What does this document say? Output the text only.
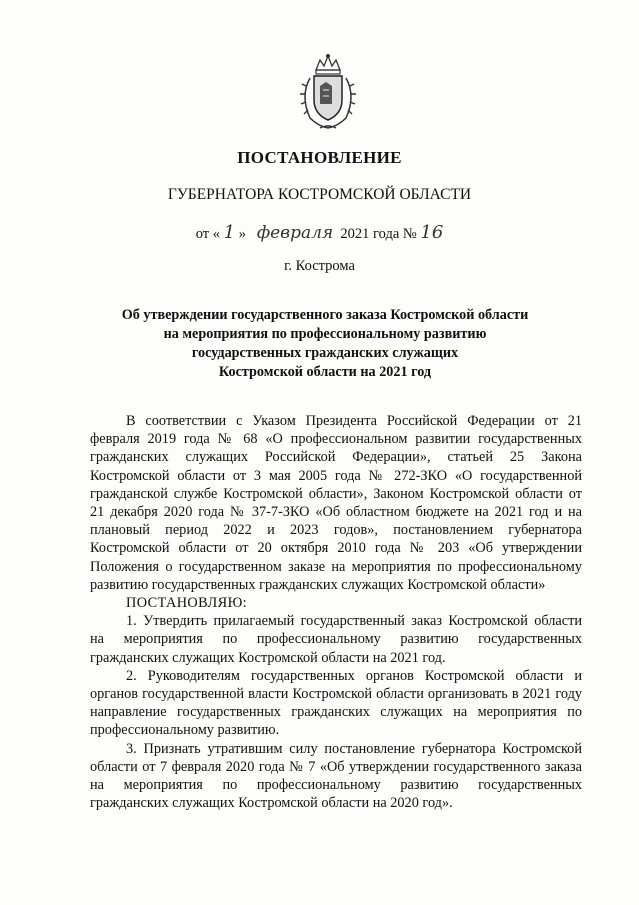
ПОСТАНОВЛЕНИЕ
ГУБЕРНАТОРА КОСТРОМСКОЙ ОБЛАСТИ
от « 1 » февраля 2021 года № 16
г. Кострома
Об утверждении государственного заказа Костромской области
на мероприятия по профессиональному развитию
государственных гражданских служащих
Костромской области на 2021 год

В соответствии с Указом Президента Российской Федерации от 21 февраля 2019 года № 68 «О профессиональном развитии государственных гражданских служащих Российской Федерации», статьей 25 Закона Костромской области от 3 мая 2005 года № 272-ЗКО «О государственной гражданской службе Костромской области», Законом Костромской области от 21 декабря 2020 года № 37-7-ЗКО «Об областном бюджете на 2021 год и на плановый период 2022 и 2023 годов», постановлением губернатора Костромской области от 20 октября 2010 года № 203 «Об утверждении Положения о государственном заказе на мероприятия по профессиональному развитию государственных гражданских служащих Костромской области»

ПОСТАНОВЛЯЮ:

1. Утвердить прилагаемый государственный заказ Костромской области на мероприятия по профессиональному развитию государственных гражданских служащих Костромской области на 2021 год.

2. Руководителям государственных органов Костромской области и органов государственной власти Костромской области организовать в 2021 году направление государственных гражданских служащих на мероприятия по профессиональному развитию.

3. Признать утратившим силу постановление губернатора Костромской области от 7 февраля 2020 года № 7 «Об утверждении государственного заказа на мероприятия по профессиональному развитию государственных гражданских служащих Костромской области на 2020 год».
